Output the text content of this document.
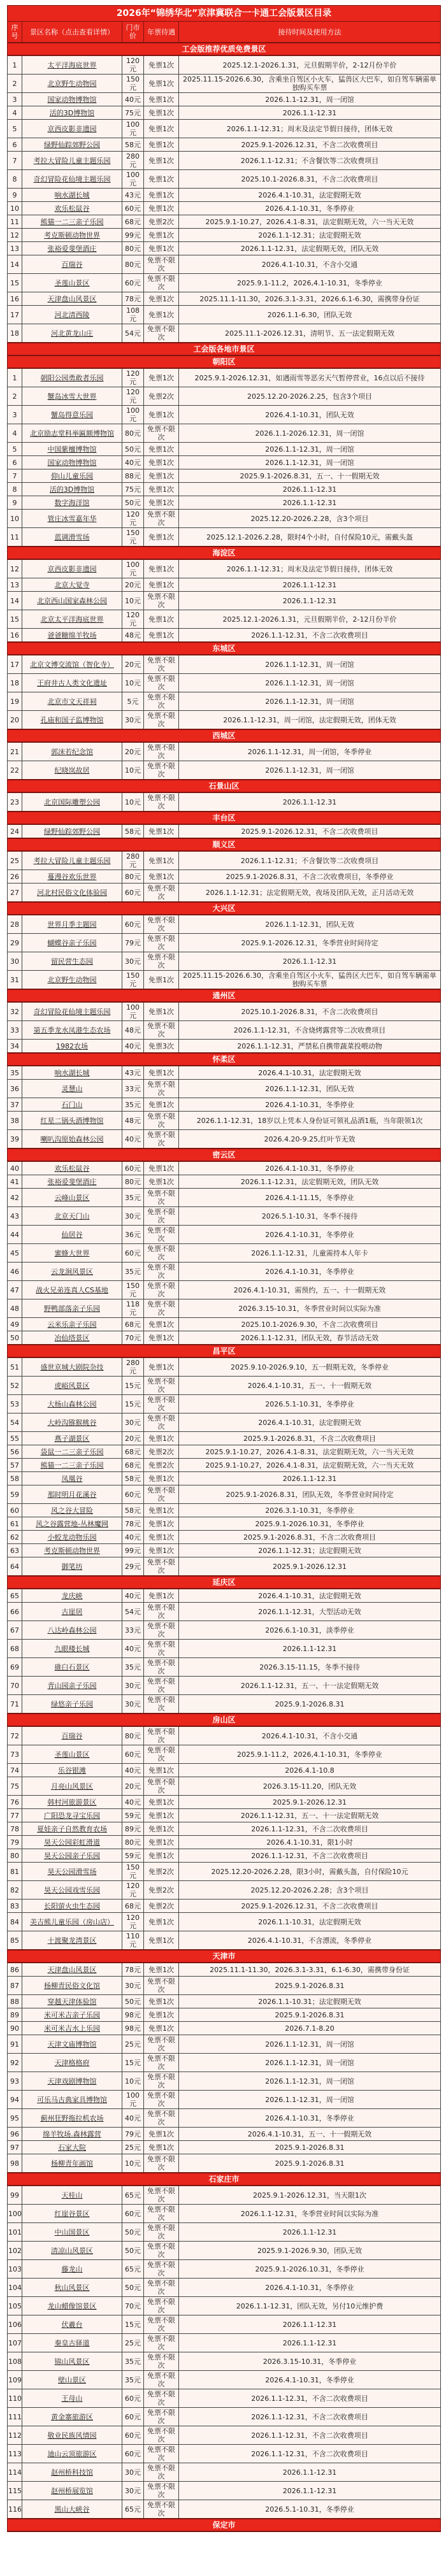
2026年“锦绣华北”京津冀联合一卡通工会版景区目录				
序号	景区名称（点击查看详情）	门市价	年票待遇	接待时间及使用方法
工会版推荐优质免费景区				
1	太平洋海底世界	120元	免票1次	2025.12.1-2026.1.31，元旦假期半价，2-12月份半价
2	北京野生动物园	150元	免票1次	2025.11.15-2026.6.30，含乘坐自驾区小火车，猛兽区大巴车，如自驾车辆需单独购买车票
3	国家动物博物馆	40元	免票1次	2026.1.1-12.31，周一闭馆
4	活的3D博物馆	75元	免票1次	2026.1.1-12.31
5	京西皮影非遗园	100元	免票1次	2026.1.1-12.31；周末及法定节假日接待，团体无效
6	绿野仙踪郊野公园	58元	免票1次	2025.9.1-2026.12.31，不含二次收费项目
7	考拉大冒险儿童主题乐园	280元	免票1次	2026.1.1-12.31；不含餐饮等二次收费项目
8	奇幻冒险花仙境主题乐园	100元	免票1次	2025.10.1-2026.8.31，不含二次收费项目
9	响水湖长城	43元	免票1次	2026.4.1-10.31，法定假期无效
10	欢乐松鼠谷	60元	免票1次	2026.4.1-10.31，冬季停业
11	熊猫一二三亲子乐园	68元	免票2次	2025.9.1-10.27，2026.4.1-8.31，法定假期无效，六一当天无效
12	考克斯顿动物世界	99元	免票1次	2026.1.1-12.31；法定假期无效
13	张裕爱斐堡酒庄	80元	免票1次	2026.1.1-12.31，法定假期无效，团队无效
14	百瑞谷	80元	免票不限次	2026.4.1-10.31，不含小交通
15	圣莲山景区	60元	免票不限次	2025.9.1-11.2，2026,4.1-10.31，冬季停业
16	天津盘山风景区	78元	免票1次	2025.11.1-11.30，2026.3.1-3.31，2026.6.1-6.30，需携带身份证
17	河北清西陵	108元	免票1次	2026.1.1-6.30，团队无效
18	河北黄龙山庄	54元	免票不限次	2025.11.1-2026.12.31，清明节、五一法定假期无效
工会版各地市景区				
朝阳区				
1	朝阳公园勇敢者乐园	120元	免票1次	2025.9.1-2026.12.31，如遇雨雪等恶劣天气暂停营业，16点以后不接待
2	蟹岛冰雪大世界	120元	免票2次	2025.12.20-2026.2.25，包含3个项目
3	蟹岛得意乐园	100元	免票1次	2026.4.1-10.31，团队无效
4	北京励志堂科举匾额博物馆	80元	免票不限次	2026.1.1-2026.12.31，周一闭馆
5	中国紫檀博物馆	50元	免票1次	2026.1.1-12.31，周一闭馆
6	国家动物博物馆	40元	免票1次	2026.1.1-12.31，周一闭馆
7	仰山儿童乐园	88元	免票1次	2025.9.1-2026.8.31，五一、十一假期无效
8	活的3D博物馆	75元	免票1次	2026.1.1-12.31
9	数字海洋馆	50元	免票1次	2026.1.1-12.31
10	管庄冰雪嘉年华	120元	免票不限次	2025.12.20-2026.2.28，含3个项目
11	蓝调滑雪场	150元	免票1次	2025.12.1-2026.2.28，限时4个小时，自付保险10元，需戴头盔
海淀区				
12	京西皮影非遗园	100元	免票1次	2026.1.1-12.31；周末及法定节假日接待，团体无效
13	北京大觉寺	20元	免票1次	2026.1.1-12.31
14	北京西山国家森林公园	10元	免票不限次	2026.1.1-12.31
15	北京太平洋海底世界	120元	免票1次	2025.12.1-2026.1.31，元旦假期半价，2-12月份半价
16	爸爸糖绵羊牧场	48元	免票1次	2026.1.1-12.31，不含二次收费项目
东城区				
17	北京文博交流馆（智化寺）	20元	免票不限次	2026.1.1-12.31，周一闭馆
18	王府井古人类文化遗址	10元	免票不限次	2026.1.1-12.31，周一闭馆
19	北京市文天祥祠	5元	免票不限次	2026.1.1-12.31，周一闭馆
20	孔庙和国子监博物馆	30元	免票不限次	2026.1.1-12.31，周一闭馆，法定假期无效，团体无效
西城区				
21	郭沫若纪念馆	20元	免票不限次	2026.1.1-12.31，周一闭馆，冬季停业
22	纪晓岚故居	10元	免票不限次	2026.1.1-12.31，周一闭馆
石景山区				
23	北京国际雕塑公园	10元	免票不限次	2026.1.1-12.31
丰台区				
24	绿野仙踪郊野公园	58元	免票1次	2025.9.1-2026.12.31，不含二次收费项目
顺义区				
25	考拉大冒险儿童主题乐园	280元	免票1次	2026.1.1-12.31；不含餐饮等二次收费项目
26	蔓漫谷欢乐世界	80元	免票1次	2025.9.1-2026.8.31，不含二次收费项目，冬季停业
27	河北村民俗文化体验园	60元	免票不限次	2026.1.1-12.31；法定假期无效，夜场及团队无效，正月活动无效
大兴区				
28	世界月季主题园	60元	免票不限次	2026.1.1-12.31，团队无效
29	蝴蝶谷亲子乐园	79元	免票不限次	2025.9.1-2026.12.31，冬季营业时间待定
30	留民营生态园	30元	免票不限次	2026.1.1-12.31
31	北京野生动物园	150元	免票1次	2025.11.15-2026.6.30，含乘坐自驾区小火车，猛兽区大巴车，如自驾车辆需单独购买车票
通州区				
32	奇幻冒险花仙境主题乐园	100元	免票1次	2025.10.1-2026.8.31，不含二次收费项目
33	第五季龙水凤港生态农场	48元	免票不限次	2026.1.1-12.31，不含烧烤露营等二次收费项目
34	1982农场	40元	免票3次	2026.1.1-12.31，严禁私自携带蔬菜投喂动物
怀柔区				
35	响水湖长城	43元	免票1次	2026.4.1-10.31，法定假期无效
36	灵慧山	33元	免票不限次	2026.1.1-12.31，团队无效
37	石门山	35元	免票1次	2026.4.1-10.31，冬季停业
38	红星二锅头酒博物馆	48元	免票不限次	2026.1.1-12.31，18岁以上凭本人身份证可领礼品酒1瓶，当年限领1次
39	喇叭沟原始森林公园	40元	免票不限次	2026.4.20-9.25,红叶节无效
密云区				
40	欢乐松鼠谷	60元	免票1次	2026.4.1-10.31，冬季停业
41	张裕爱斐堡酒庄	80元	免票1次	2026.1.1-12.31，法定假期无效，团队无效
42	云峰山景区	35元	免票不限次	2026.4.1-11.15，冬季停业
43	北京天门山	30元	免票不限次	2026.5.1-10.31，冬季不接待
44	仙居谷	36元	免票不限次	2026.4.1-10.31，冬季停业
45	蜜蜂大世界	60元	免票不限次	2026.1.1-12.31，儿童需持本人年卡
46	云龙涧风景区	35元	免票不限次	2026.4.1-10.31，冬季停业
47	战火兄弟连真人CS基地	150元	免票不限次	2026.4.1-10.31，需预约，五一、十一假期无效
48	野鸭部落亲子乐园	118元	免票不限次	2026.3.15-10.31，冬季营业时间以实际为准
49	云米乐亲子乐园	68元	免票1次	2025.10.1-2026.9.30，不含二次收费项目
50	冶仙塔景区	70元	免票1次	2026.1.1-12.31，团队无效，春节活动无效
昌平区				
51	盛世京城大剧院杂技	280元	免票1次	2025.9.10-2026.9.10，五一假期无效，冬季停业
52	虎峪风景区	15元	免票不限次	2026.4.1-10.31，五一、十一假期无效
53	大杨山森林公园	15元	免票不限次	2026.5.1-10.31，冬季停业
54	大岭沟猕猴桃谷	30元	免票不限次	2026.4.1-10.31，法定假期无效
55	燕子湖景区	20元	免票1次	2025.9.1-2026.8.31，不含二次收费项目
56	袋鼠一二三亲子乐园	68元	免票2次	2025.9.1-10.27，2026.4.1-8.31，法定假期无效，六一当天无效
57	熊猫一二三亲子乐园	68元	免票2次	2025.9.1-10.27，2026.4.1-8.31，法定假期无效，六一当天无效
58	凤凰谷	58元	免票1次	2026.1.1-12.31
59	那时明月花溪谷	60元	免票不限次	2025.9.1-2026.8.31，团队无效，冬季营业时间待定
60	风之谷大冒险	58元	免票1次	2026.3.1-10.31，冬季停业
61	风之谷露营地-丛林魔网	78元	免票1次	2025.9.1-2026.10.31，冬季停业
62	小蛟龙动物乐园	40元	免票1次	2025.9.1-2026.8.31，不含二次收费项目
63	考克斯顿动物世界	99元	免票1次	2026.1.1-12.31；法定假期无效
64	御笔坊	29元	免票不限次	2025.9.1-2026.12.31
延庆区				
65	龙庆峡	40元	免票1次	2026.4.1-10.31，法定假期无效
66	古崖居	54元	免票不限次	2026.1.1-12.31，大型活动无效
67	八达岭森林公园	33元	免票不限次	2026.6.1-10.31，淡季停业
68	九眼楼长城	40元	免票不限次	2026.1.1-12.31
69	碓臼石景区	35元	免票不限次	2026.3.15-11.15，冬季不接待
70	青山园亲子乐园	30元	免票不限次	2026.1.1-12.31，五一、十一法定假期无效
71	绿悠亲子乐园	30元	免票不限次	2025.9.1-2026.8.31
房山区				
72	百瑞谷	80元	免票不限次	2026.4.1-10.31，不含小交通
73	圣莲山景区	60元	免票不限次	2025.9.1-11.2，2026,4.1-10.31，冬季停业
74	乐谷银滩	40元	免票1次	2026.4.1-10.8
75	月亮山风景区	20元	免票不限次	2026.3.15-11.20，团队无效
76	韩村河旅游景区	40元	免票1次	2025.9.1-2026.12.31
77	广阳恐龙寻宝乐园	59元	免票1次	2026.1.1-12.31，五一、十一法定假期无效
78	夏娃亲子自然教育农场	89元	免票1次	2026.1.1-12.31，不含二次收费项目
79	昊天公园彩虹滑道	80元	免票1次	2026.4.1-10.31，限1小时
80	昊天公园亲子乐园	59元	免票1次	2026.1.1-12.31，不含二次收费项目
81	昊天公园滑雪场	150元	免票2次	2025.12.20-2026.2.28，限3小时，需戴头盔，自付保险10元
82	昊天公园戏雪乐园	120元	免票2次	2025.12.20-2026.2.28；含3个项目
83	长阳萤火虫生态园	68元	免票2次	2025.9.1-2026.12.31，不含二次收费项目
84	美吉熊儿童乐园（房山店）	120元	免票1次	2026.1.1-10.31，法定假期无效
85	十渡聚龙湾景区	110元	免票1次	2026.4.1-10.31，不含漂流，冬季停业
天津市				
86	天津盘山风景区	78元	免票1次	2025.11.1-11.30，2026.3.1-3.31，6.1-6.30，需携带身份证
87	杨柳青民俗文化馆	30元	免票不限次	2025.9.1-2026.8.31
88	穿越天津体验馆	50元	免票1次	2026.1.1-10.31；法定假期无效
89	米可米吉亲子乐园	98元	免票1次	2025.9.1-2026.8.31
90	米可米吉水上乐园	98元	免票1次	2026.7.1-8.20
91	天津文庙博物馆	25元	免票不限次	2026.1.1-12.31，周一闭馆
92	天津格格府	15元	免票不限次	2026.1.1-12.31，周一闭馆
93	天津戏剧博物馆	10元	免票不限次	2026.1.1-12.31，周一闭馆
94	可乐马古典家具博物馆	100元	免票不限次	2026.1.1-12.31，周一闭馆
95	蓟州狂野拖拉机农场	40元	免票不限次	2026.4.1-10.31，冬季停业
96	绵羊牧场.森林露营	79元	免票1次	2026.4.1-10.31，五一、十一假期无效
97	石家大院	25元	免票1次	2025.9.1-2026.8.31
98	杨柳青年画馆	10元	免票不限次	2025.9.1-2026.8.31
石家庄市				
99	天桂山	65元	免票不限次	2025.9.1-2026.12.31，当天限1次
100	红崖谷景区	60元	免票不限次	2026.1.1-12.31，冬季营业时间以实际为准
101	中山国景区	50元	免票不限次	2026.1.1-12.31
102	清凉山风景区	50元	免票不限次	2025.9.1-2026.9.30，团队无效
103	藤龙山	65元	免票不限次	2025.9.1-2026.10.31，冬季停业
104	秋山风景区	50元	免票不限次	2026.4.1-10.31，冬季停业
105	龙山蜡像馆景区	70元	免票不限次	2026.1.1-12.31，团队无效，另付10元维护费
106	伏羲台	15元	免票不限次	2026.1.1-12.31
107	秦皇古驿道	25元	免票不限次	2026.1.1-12.31
108	锦山风景区	35元	免票不限次	2026.3.15-10.31，冬季停业
109	壁山景区	35元	免票不限次	2026.4.1-10.31，冬季停业
110	王母山	60元	免票不限次	2026.1.1-12.31，不含二次收费项目
111	黄金寨旅游区	60元	免票不限次	2026.1.1-12.31，不含二次收费项目
112	敬业民族风情园	60元	免票不限次	2026.1.1-12.31，不含二次收费项目
113	迪山云顶旅游区	60元	免票不限次	2026.1.1-12.31，不含二次收费项目
114	赵州桥科技馆	30元	免票不限次	2026.1.1-12.31
115	赵州桥展览馆	30元	免票不限次	2026.1.1-12.31
116	黑山大峡谷	65元	免票不限次	2026.5.1-10.31，冬季停业
保定市				
